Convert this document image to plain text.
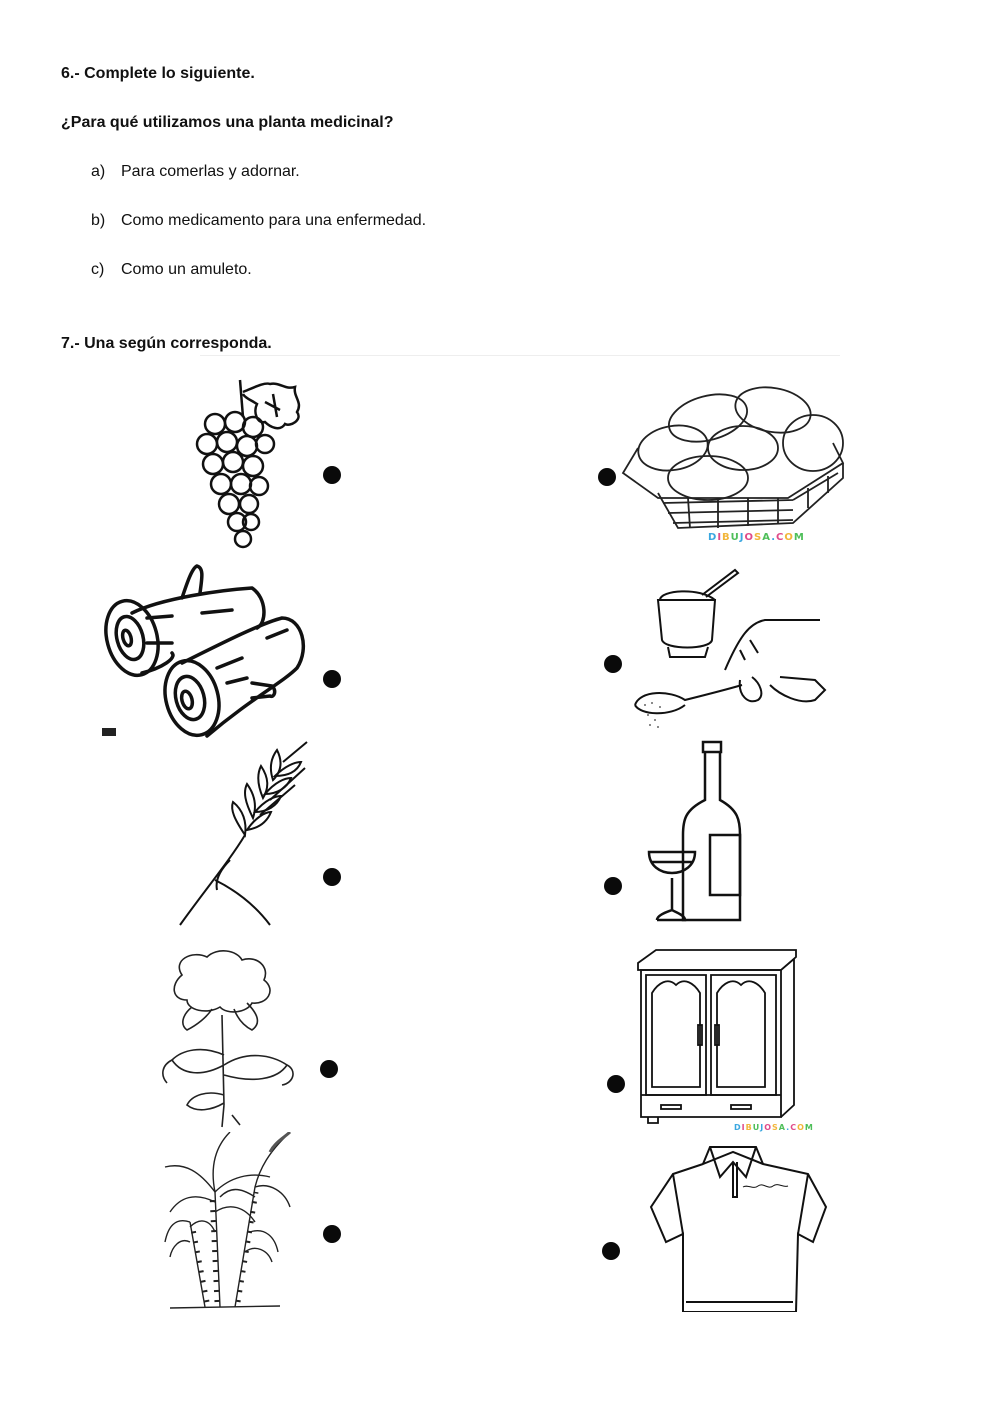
6.- Complete lo siguiente.
¿Para qué utilizamos una planta medicinal?
a) Para comerlas y adornar.
b) Como medicamento para una enfermedad.
c) Como un amuleto.
7.- Una según corresponda.
DIBUJOSA.COM
DIBUJOSA.COM
